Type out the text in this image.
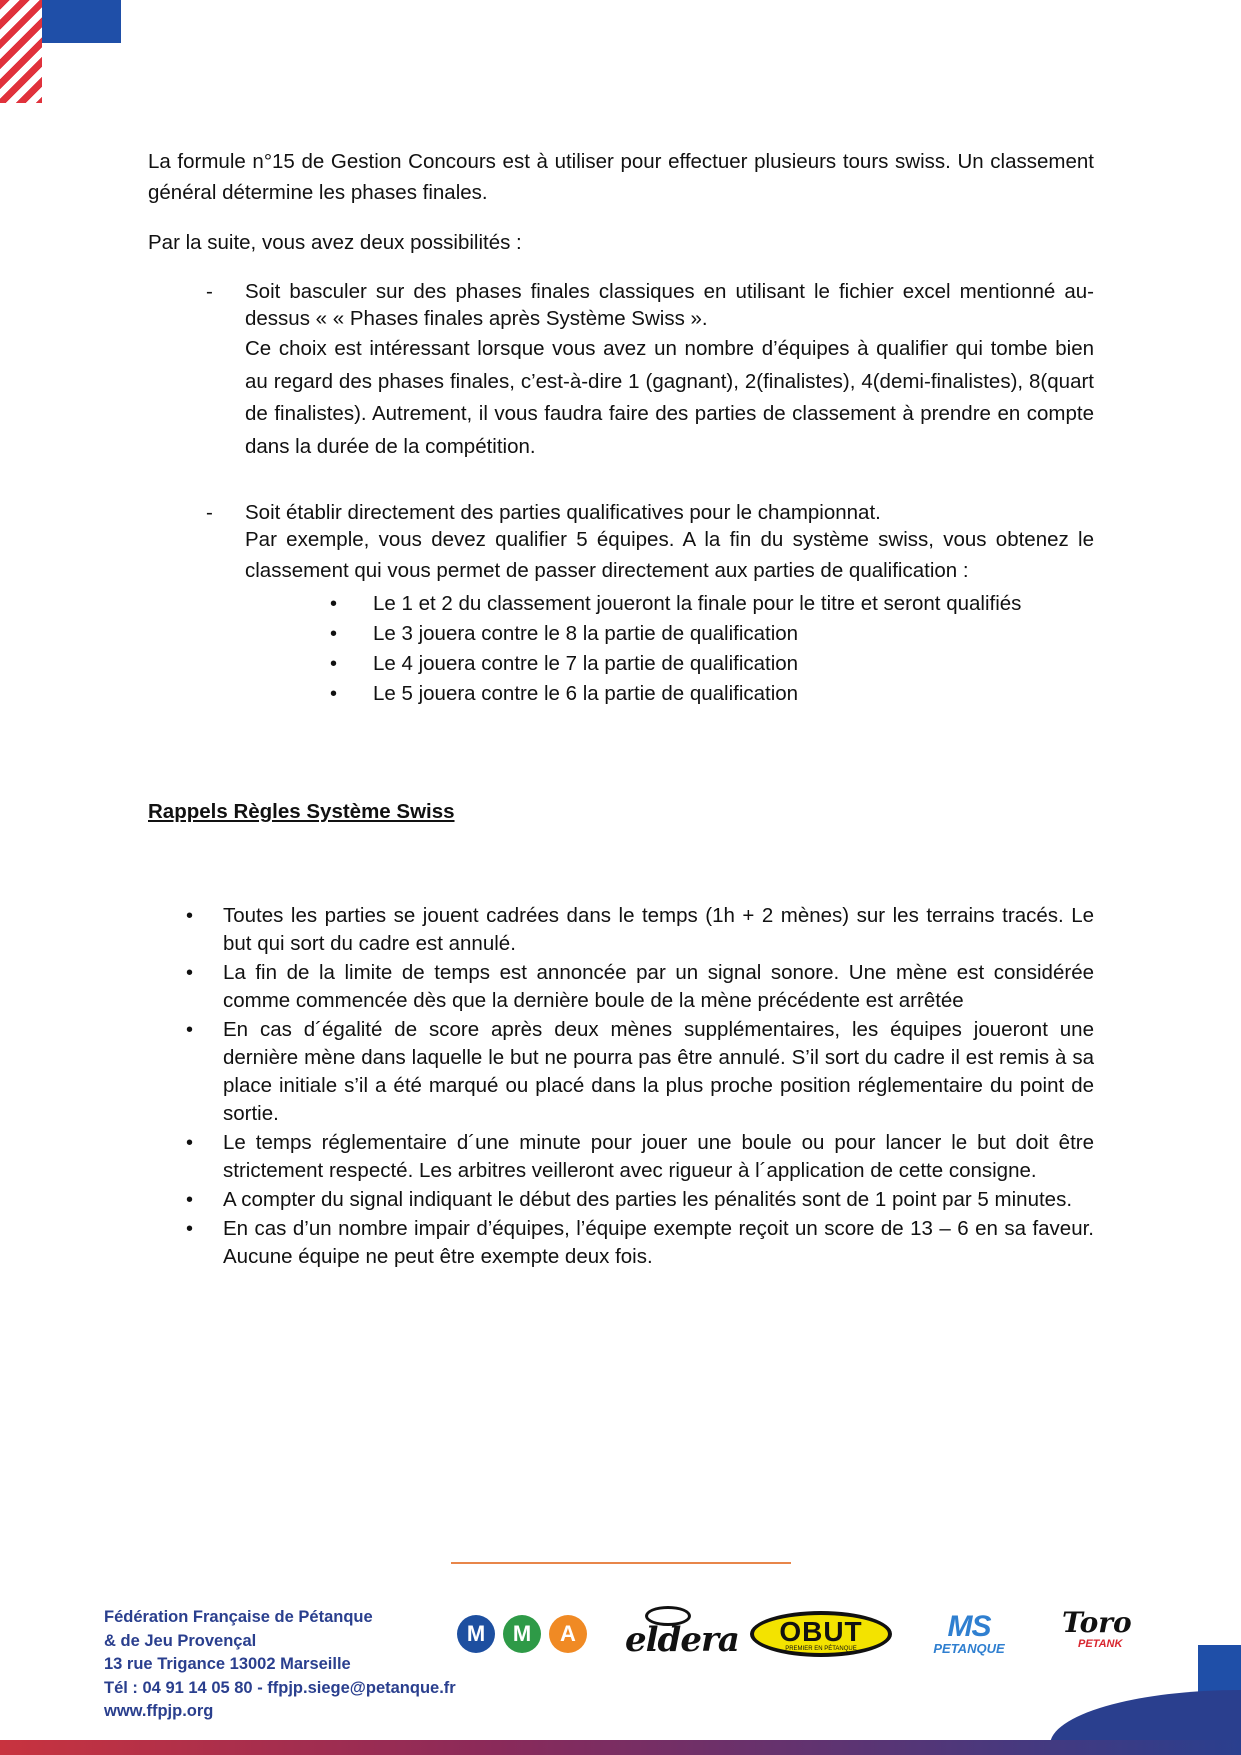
La formule n°15 de Gestion Concours est à utiliser pour effectuer plusieurs tours swiss. Un classement général détermine les phases finales.

Par la suite, vous avez deux possibilités :

- Soit basculer sur des phases finales classiques en utilisant le fichier excel mentionné au-dessus « « Phases finales après Système Swiss ».
Ce choix est intéressant lorsque vous avez un nombre d’équipes à qualifier qui tombe bien au regard des phases finales, c’est-à-dire 1 (gagnant), 2(finalistes), 4(demi-finalistes), 8(quart de finalistes). Autrement, il vous faudra faire des parties de classement à prendre en compte dans la durée de la compétition.
- Soit établir directement des parties qualificatives pour le championnat.
Par exemple, vous devez qualifier 5 équipes. A la fin du système swiss, vous obtenez le classement qui vous permet de passer directement aux parties de qualification :
• Le 1 et 2 du classement joueront la finale pour le titre et seront qualifiés
• Le 3 jouera contre le 8 la partie de qualification
• Le 4 jouera contre le 7 la partie de qualification
• Le 5 jouera contre le 6 la partie de qualification
Rappels Règles Système Swiss
• Toutes les parties se jouent cadrées dans le temps (1h + 2 mènes) sur les terrains tracés. Le but qui sort du cadre est annulé.
• La fin de la limite de temps est annoncée par un signal sonore. Une mène est considérée comme commencée dès que la dernière boule de la mène précédente est arrêtée
• En cas d´égalité de score après deux mènes supplémentaires, les équipes joueront une dernière mène dans laquelle le but ne pourra pas être annulé. S’il sort du cadre il est remis à sa place initiale s’il a été marqué ou placé dans la plus proche position réglementaire du point de sortie.
• Le temps réglementaire d´une minute pour jouer une boule ou pour lancer le but doit être strictement respecté. Les arbitres veilleront avec rigueur à l´application de cette consigne.
• A compter du signal indiquant le début des parties les pénalités sont de 1 point par 5 minutes.
• En cas d’un nombre impair d’équipes, l’équipe exempte reçoit un score de 13 – 6 en sa faveur. Aucune équipe ne peut être exempte deux fois.
Fédération Française de Pétanque
& de Jeu Provençal
13 rue Trigance 13002 Marseille
Tél : 04 91 14 05 80 - ffpjp.siege@petanque.fr
www.ffpjp.org
M	M	A	eldera	OBUT
PREMIER EN PÉTANQUE
MS
PETANQUE
Toro
PETANK
